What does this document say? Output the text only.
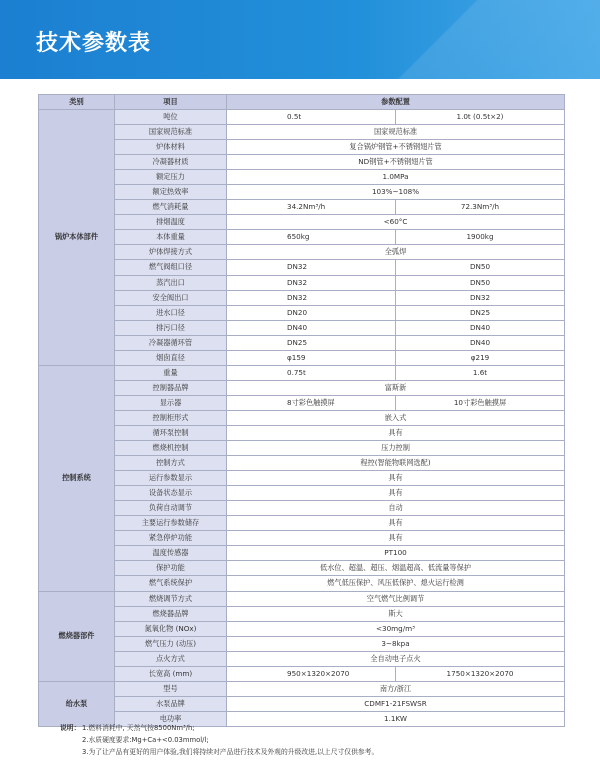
技术参数表
类别	项目	参数配置	
锅炉本体部件	吨位	0.5t	1.0t (0.5t×2)
	国家规范标准	国家规范标准	
	炉体材料	复合锅炉钢管+不锈钢翅片管	
	冷凝器材质	ND钢管+不锈钢翅片管	
	额定压力	1.0MPa	
	额定热效率	103%~108%	
	燃气消耗量	34.2Nm³/h	72.3Nm³/h
	排烟温度	<60°C	
	本体重量	650kg	1900kg
	炉体焊接方式	全弧焊	
	燃气阀组口径	DN32	DN50
	蒸汽出口	DN32	DN50
	安全阀出口	DN32	DN32
	进水口径	DN20	DN25
	排污口径	DN40	DN40
	冷凝器循环管	DN25	DN40
	烟囱直径	φ159	φ219
控制系统	重量	0.75t	1.6t
	控制器品牌	富斯新	
	显示器	8寸彩色触摸屏	10寸彩色触摸屏
	控制柜形式	嵌入式	
	循环泵控制	具有	
	燃烧机控制	压力控制	
	控制方式	程控(智能物联网选配)	
	运行参数显示	具有	
	设备状态显示	具有	
	负荷自动调节	自动	
	主要运行参数储存	具有	
	紧急停炉功能	具有	
	温度传感器	PT100	
	保护功能	低水位、超温、超压、烟温超高、低流量等保护	
	燃气系统保护	燃气低压保护、风压低保护、熄火运行检测	
燃烧器部件	燃烧调节方式	空气燃气比例调节	
	燃烧器品牌	斯大	
	氮氧化物 (NOx)	<30mg/m³	
	燃气压力 (动压)	3~8kpa	
	点火方式	全自动电子点火	
	长宽高 (mm)	950×1320×2070	1750×1320×2070
给水泵	型号	南方/浙江	
	水泵品牌	CDMF1-21FSWSR	
	电功率	1.1KW	
说明： 1.燃料消耗中, 天然气按8500Nm³/h;
2.水质硬度要求:Mg+Ca+<0.03mmol/l;
3.为了让产品有更好的用户体验,我们将持续对产品进行技术及外观的升级改进,以上尺寸仅供参考。
